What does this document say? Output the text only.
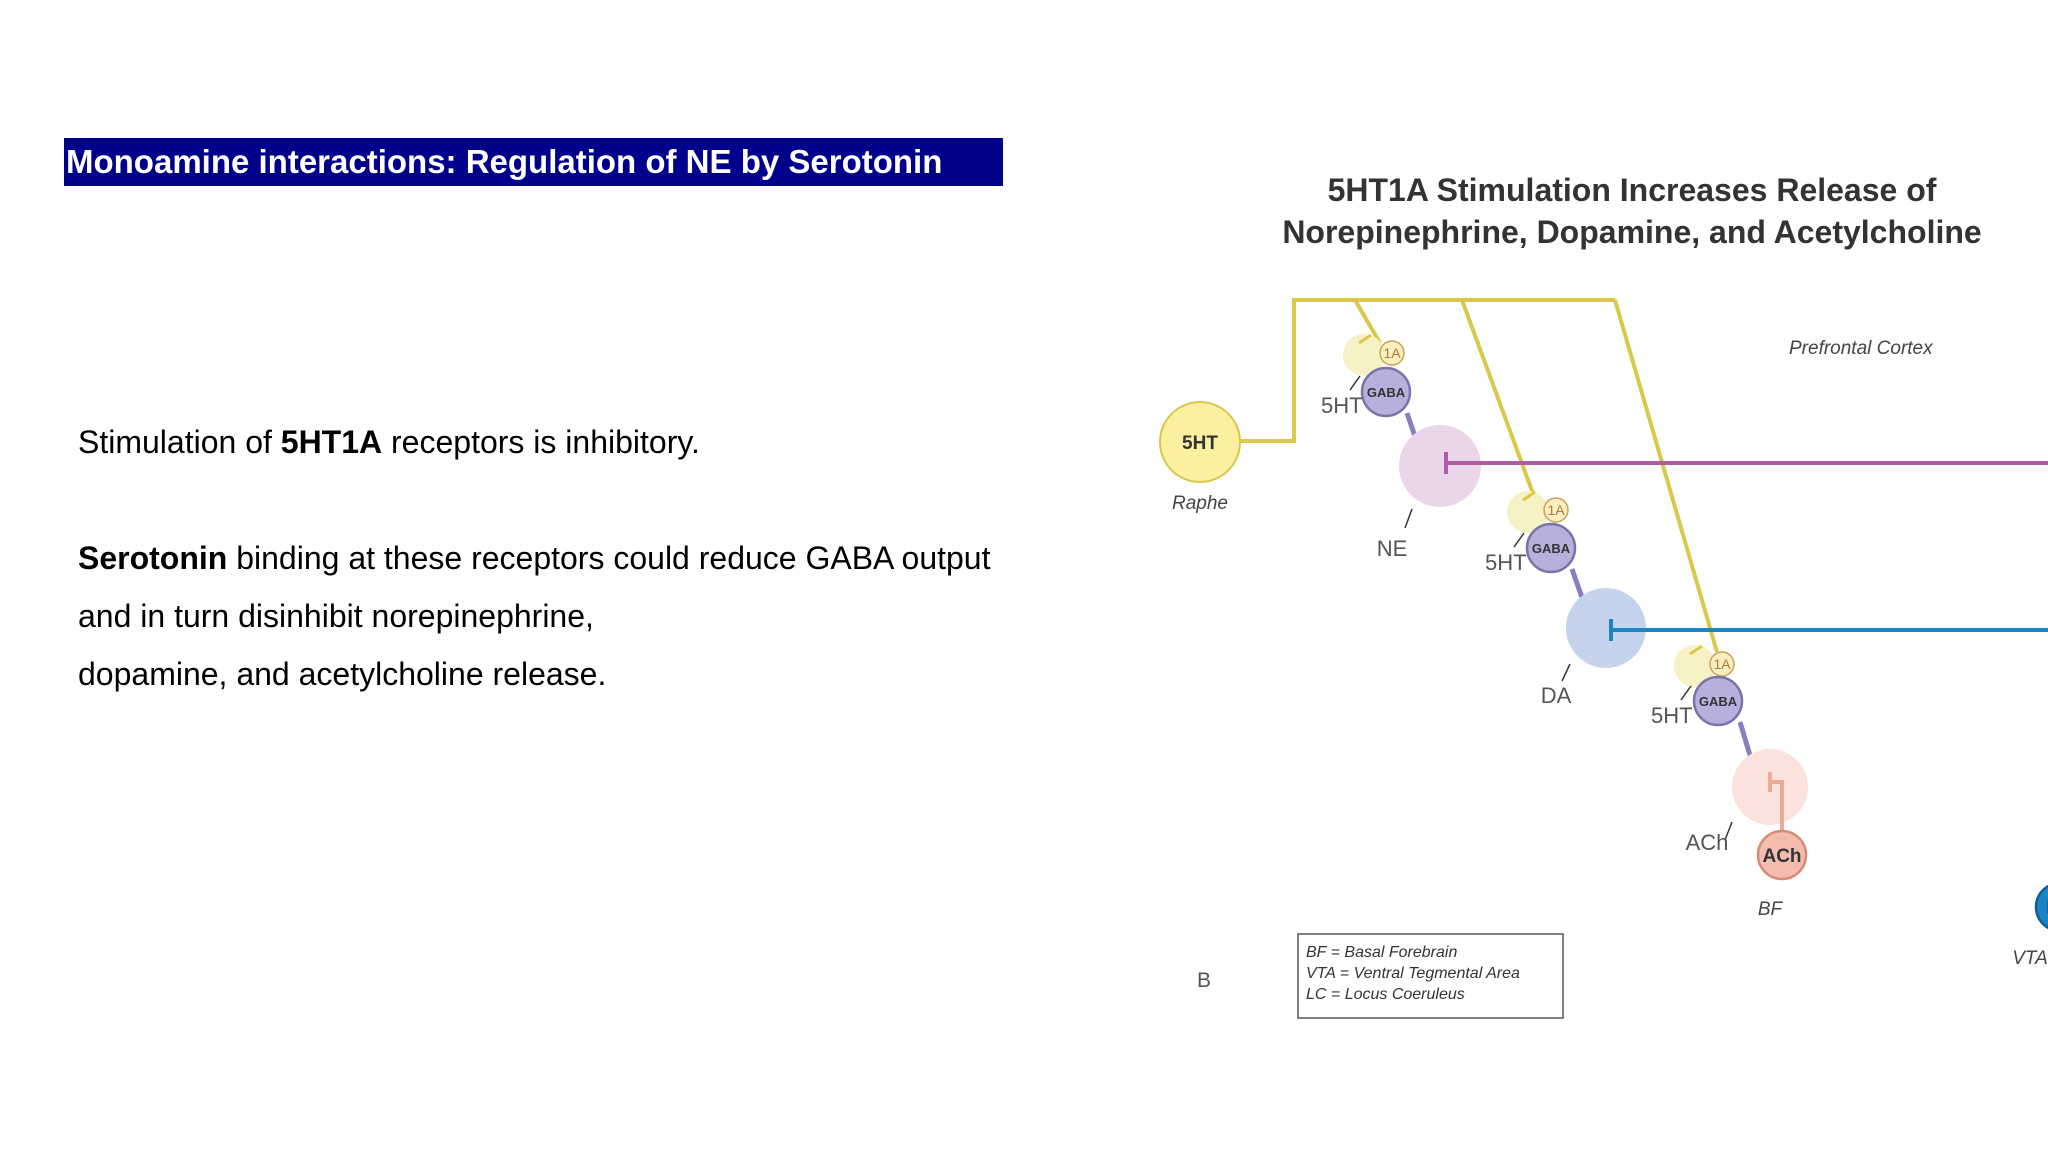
Monoamine interactions: Regulation of NE by Serotonin
Stimulation of 5HT1A receptors is inhibitory.
Serotonin binding at these receptors could reduce GABA output
and in turn disinhibit norepinephrine,
dopamine, and acetylcholine release.
5HT1A Stimulation Increases Release of
Norepinephrine, Dopamine, and Acetylcholine
Prefrontal Cortex
1A
GABA
5HT
1A
GABA
5HT
1A
GABA
5HT
NE
DA
ACh
5HT
Raphe
ACh
BF
VTA
BF = Basal Forebrain
VTA = Ventral Tegmental Area
LC = Locus Coeruleus
B
